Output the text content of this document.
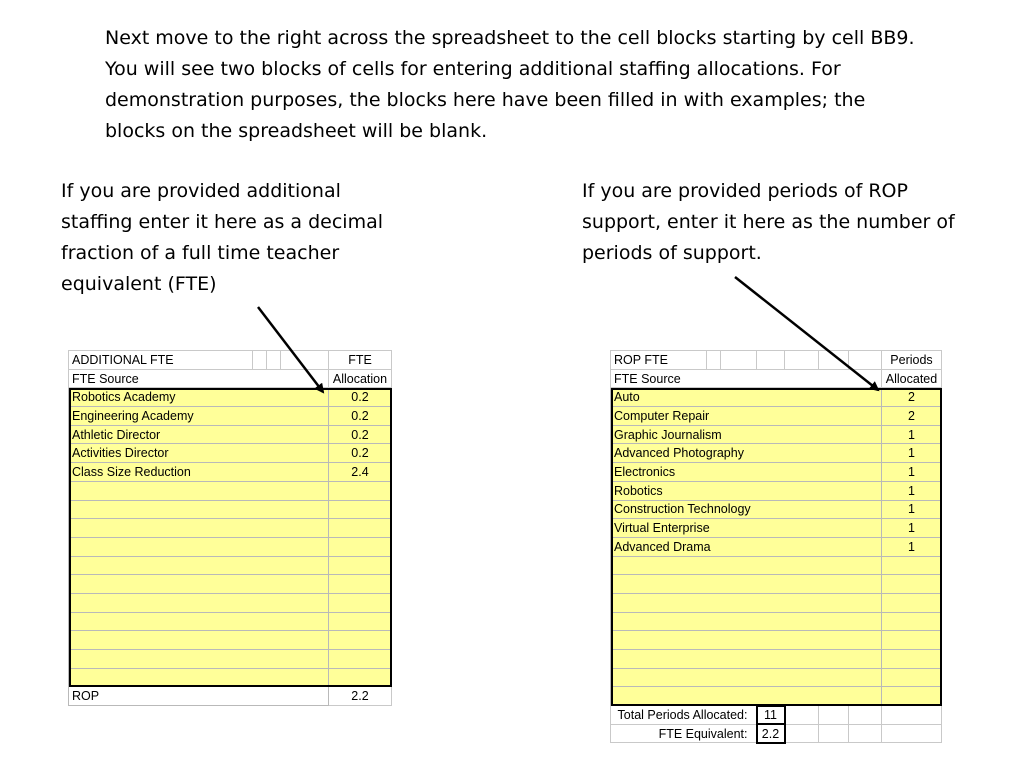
Next move to the right across the spreadsheet to the cell blocks starting by cell BB9. You will see two blocks of cells for entering additional staffing allocations. For demonstration purposes, the blocks here have been filled in with examples; the blocks on the spreadsheet will be blank.

If you are provided additional staffing enter it here as a decimal fraction of a full time teacher equivalent (FTE)

If you are provided periods of ROP support, enter it here as the number of periods of support.

ADDITIONAL FTE				FTE
FTE Source				Allocation
Robotics Academy				0.2
Engineering Academy				0.2
Athletic Director				0.2
Activities Director				0.2
Class Size Reduction				2.4

ROP				2.2
ROP FTE							Periods
FTE Source							Allocated
Auto							2
Computer Repair							2
Graphic Journalism							1
Advanced Photography							1
Electronics							1
Robotics							1
Construction Technology							1
Virtual Enterprise							1
Advanced Drama							1

Total Periods Allocated:			11				
FTE Equivalent:			2.2				
